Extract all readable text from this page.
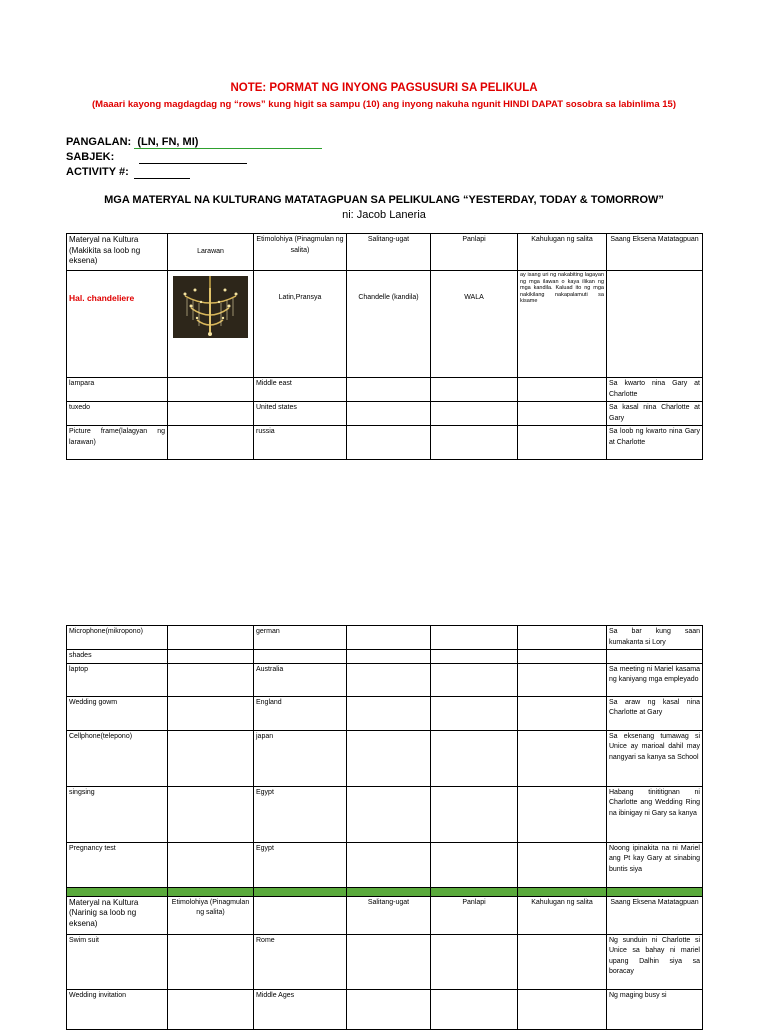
NOTE: PORMAT NG INYONG PAGSUSURI SA PELIKULA
(Maaari kayong magdagdag ng “rows” kung higit sa sampu (10) ang inyong nakuha ngunit HINDI DAPAT sosobra sa labinlima 15)
PANGALAN: (LN, FN, MI)
SABJEK:
ACTIVITY #:
MGA MATERYAL NA KULTURANG MATATAGPUAN SA PELIKULANG “YESTERDAY, TODAY & TOMORROW”
ni: Jacob Laneria
Materyal na Kultura (Makikita sa loob ng eksena)	Larawan	Etimolohiya (Pinagmulan ng salita)	Salitang-ugat	Panlapi	Kahulugan ng salita	Saang Eksena Matatagpuan
Hal. chandeliere		Latin,Pransya	Chandelle (kandila)	WALA	ay isang uri ng nakabiting lagayan ng mga ilawan o kaya ilikan ng mga kandila. Kaluad ito ng mga nakikilang nakapalamuti sa kisame	
lampara		Middle east				Sa kwarto nina Gary at Charlotte
tuxedo		United states				Sa kasal nina Charlotte at Gary
Picture frame(lalagyan ng larawan)		russia				Sa loob ng kwarto nina Gary at Charlotte
Microphone(mikropono)		german				Sa bar kung saan kumakanta si Lory
shades						
laptop		Australia				Sa meeting ni Mariel kasama ng kaniyang mga empleyado
Wedding gowm		England				Sa araw ng kasal nina Charlotte at Gary
Cellphone(telepono)		japan				Sa eksenang tumawag si Unice ay marioal dahil may nangyari sa kanya sa School
singsing		Egypt				Habang tinititignan ni Charlotte ang Wedding Ring na ibinigay ni Gary sa kanya
Pregnancy test		Egypt				Noong ipinakita na ni Mariel ang Pt kay Gary at sinabing buntis siya

Materyal na Kultura (Narinig sa loob ng eksena)	Etimolohiya (Pinagmulan ng salita)		Salitang-ugat	Panlapi	Kahulugan ng salita	Saang Eksena Matatagpuan
Swim suit		Rome				Ng sunduin ni Charlotte si Unice sa bahay ni mariel upang Dalhin siya sa boracay
Wedding invitation		Middle Ages				Ng maging busy si
